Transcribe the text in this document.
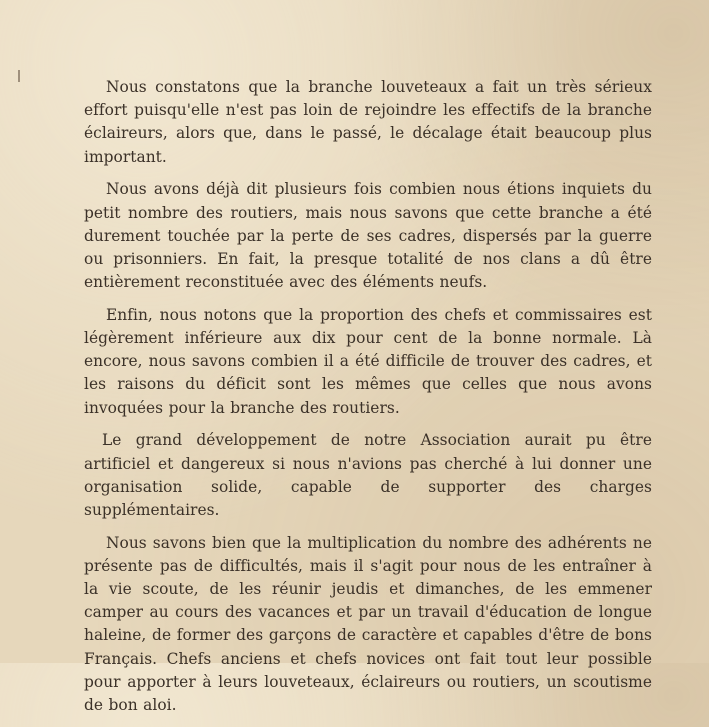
Nous constatons que la branche louveteaux a fait un très sérieux effort puisqu'elle n'est pas loin de rejoindre les effectifs de la branche éclaireurs, alors que, dans le passé, le décalage était beaucoup plus important.

Nous avons déjà dit plusieurs fois combien nous étions inquiets du petit nombre des routiers, mais nous savons que cette branche a été durement touchée par la perte de ses cadres, dispersés par la guerre ou prisonniers. En fait, la presque totalité de nos clans a dû être entièrement reconstituée avec des éléments neufs.

Enfin, nous notons que la proportion des chefs et commissaires est légèrement inférieure aux dix pour cent de la bonne normale. Là encore, nous savons combien il a été difficile de trouver des cadres, et les raisons du déficit sont les mêmes que celles que nous avons invoquées pour la branche des routiers.

Le grand développement de notre Association aurait pu être artificiel et dangereux si nous n'avions pas cherché à lui donner une organisation solide, capable de supporter des charges supplémentaires.

Nous savons bien que la multiplication du nombre des adhérents ne présente pas de difficultés, mais il s'agit pour nous de les entraîner à la vie scoute, de les réunir jeudis et dimanches, de les emmener camper au cours des vacances et par un travail d'éducation de longue haleine, de former des garçons de caractère et capables d'être de bons Français. Chefs anciens et chefs novices ont fait tout leur possible pour apporter à leurs louveteaux, éclaireurs ou routiers, un scoutisme de bon aloi.
